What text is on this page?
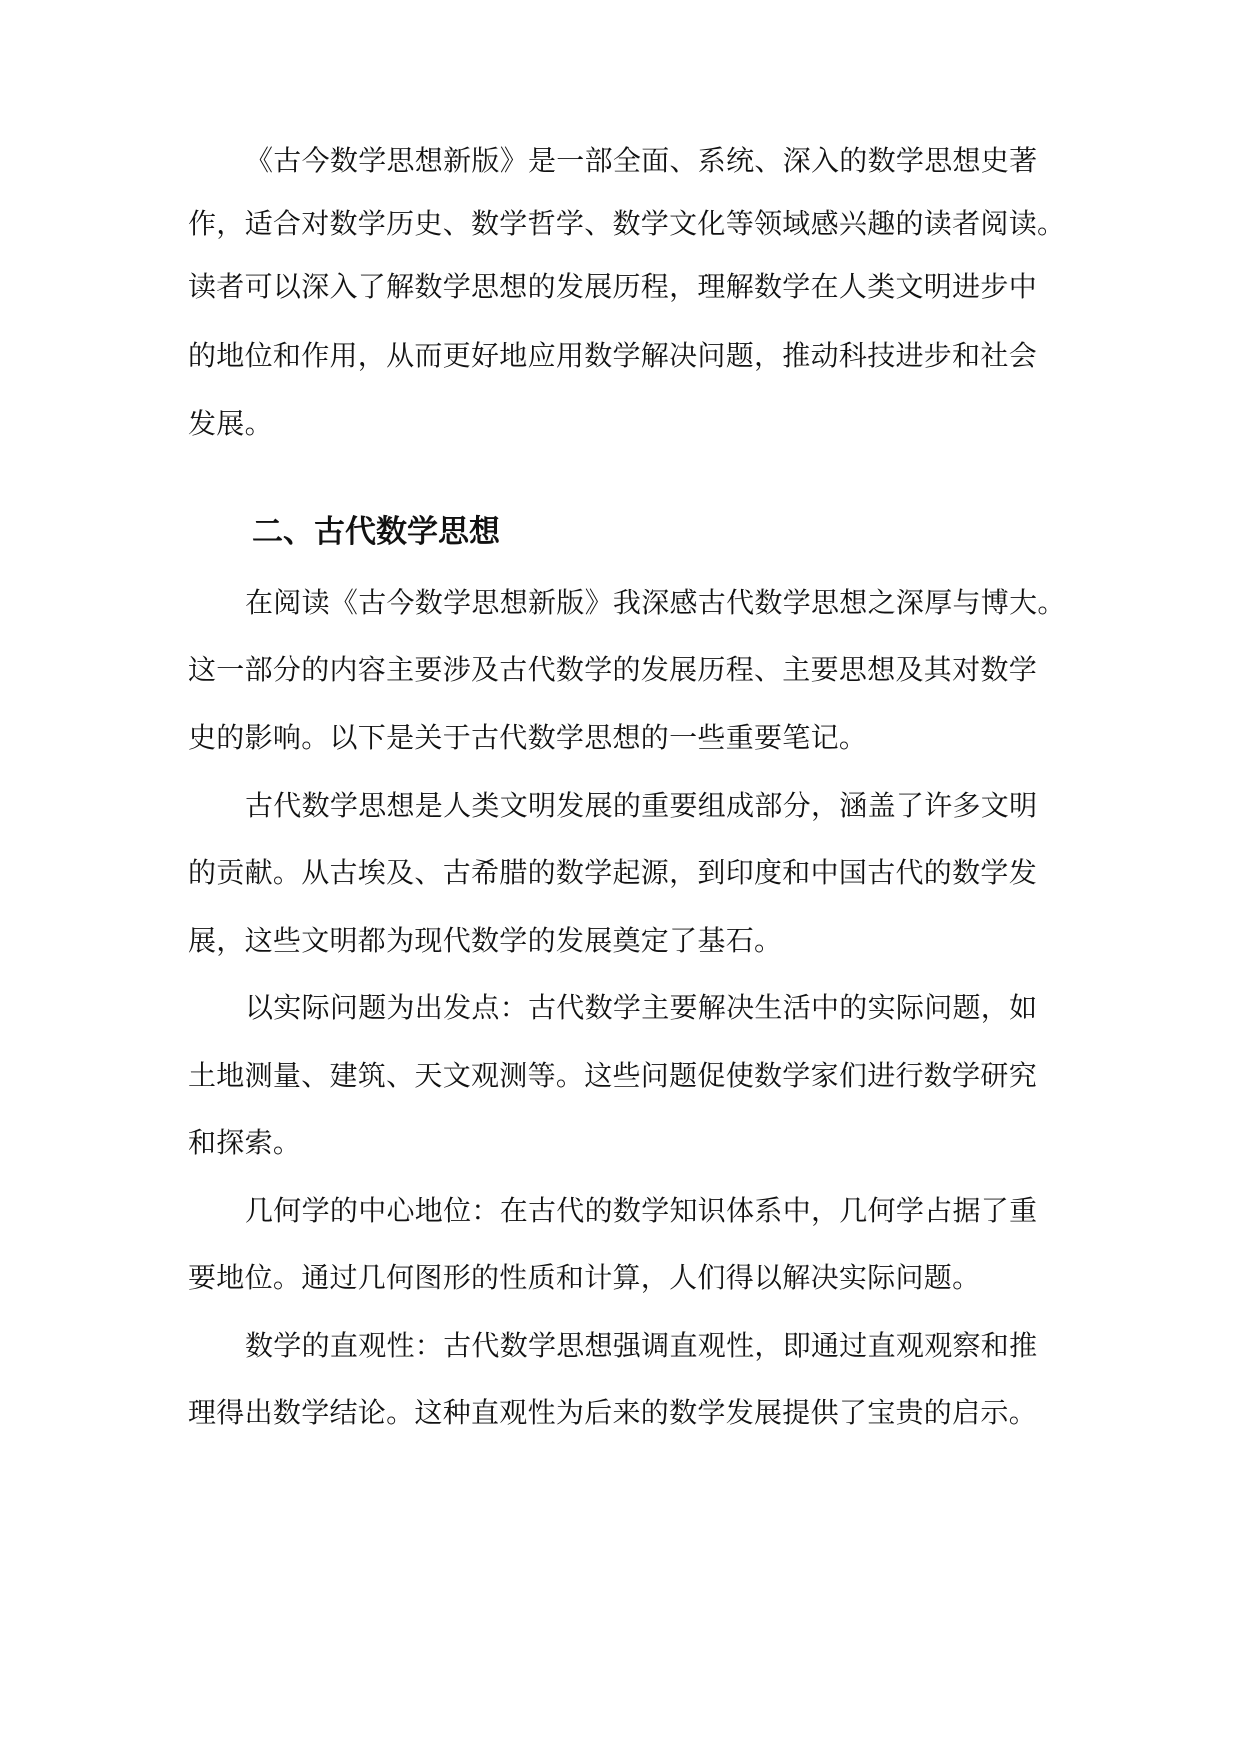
《古今数学思想新版》是一部全面、系统、深入的数学思想史著
作，适合对数学历史、数学哲学、数学文化等领域感兴趣的读者阅读。
读者可以深入了解数学思想的发展历程，理解数学在人类文明进步中
的地位和作用，从而更好地应用数学解决问题，推动科技进步和社会
发展。
二、古代数学思想
在阅读《古今数学思想新版》我深感古代数学思想之深厚与博大。
这一部分的内容主要涉及古代数学的发展历程、主要思想及其对数学
史的影响。以下是关于古代数学思想的一些重要笔记。
古代数学思想是人类文明发展的重要组成部分，涵盖了许多文明
的贡献。从古埃及、古希腊的数学起源，到印度和中国古代的数学发
展，这些文明都为现代数学的发展奠定了基石。
以实际问题为出发点：古代数学主要解决生活中的实际问题，如
土地测量、建筑、天文观测等。这些问题促使数学家们进行数学研究
和探索。
几何学的中心地位：在古代的数学知识体系中，几何学占据了重
要地位。通过几何图形的性质和计算，人们得以解决实际问题。
数学的直观性：古代数学思想强调直观性，即通过直观观察和推
理得出数学结论。这种直观性为后来的数学发展提供了宝贵的启示。
